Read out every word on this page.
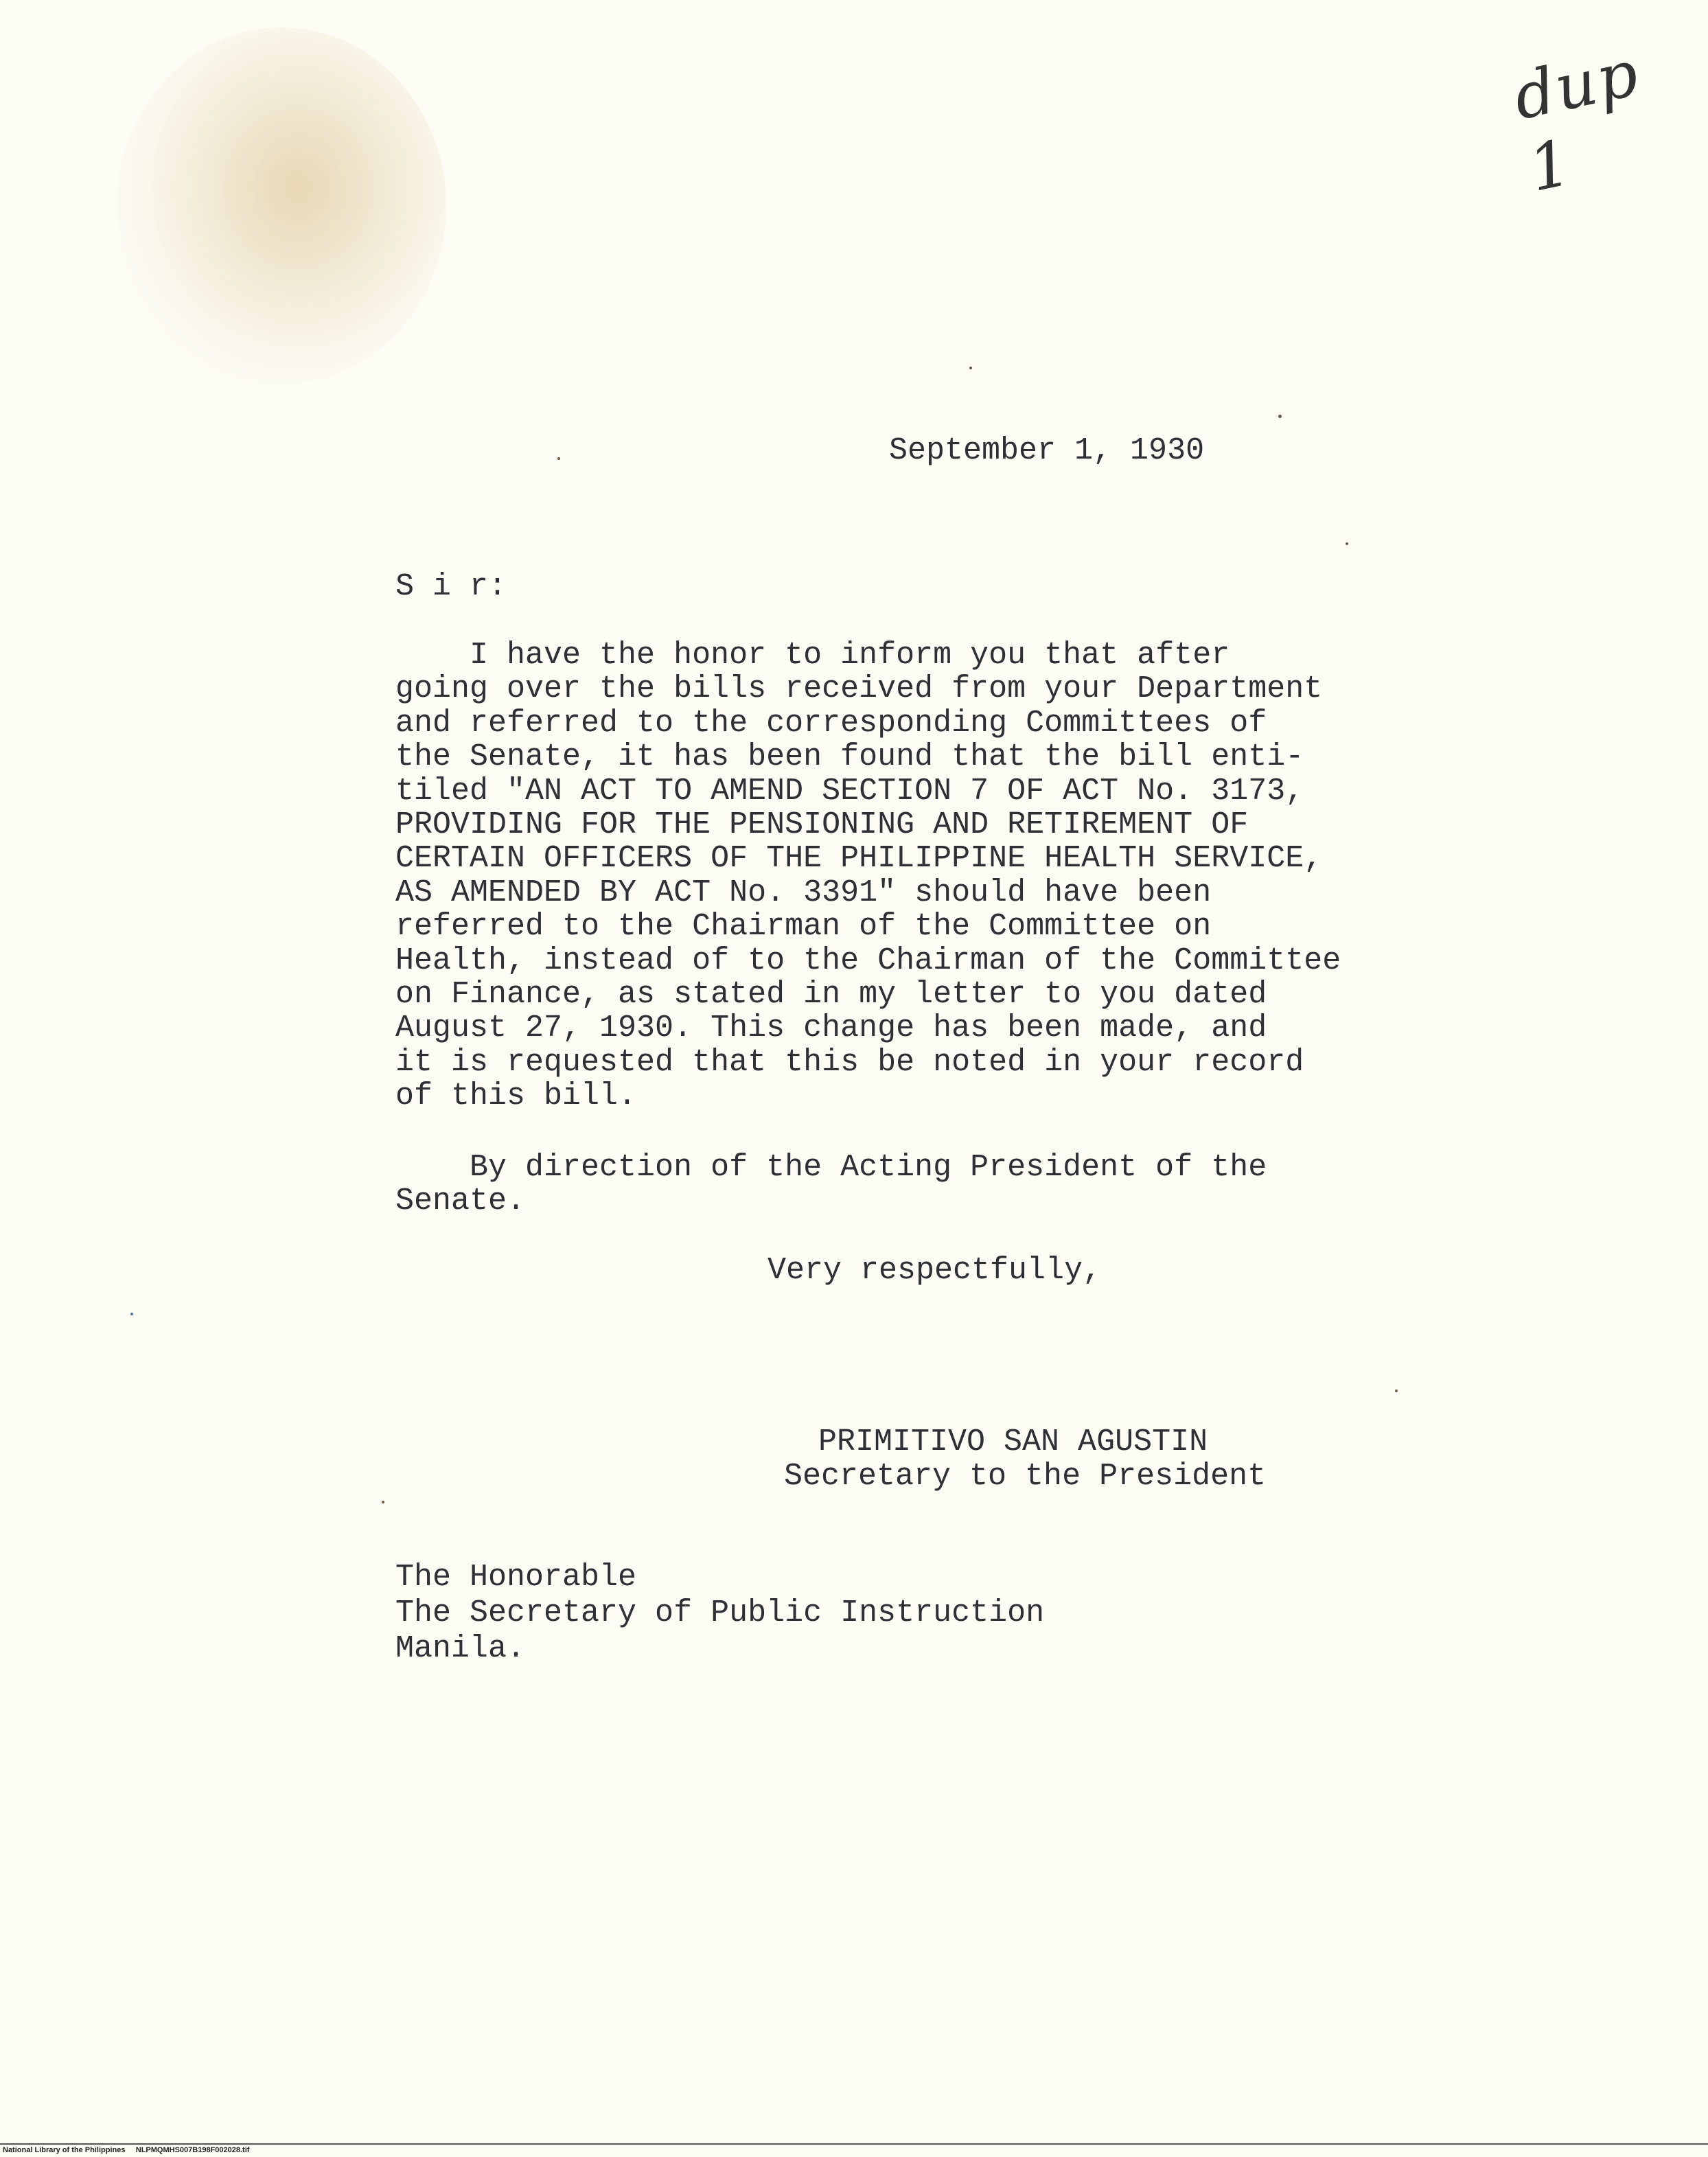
dup 1
September 1, 1930
S i r:
I have the honor to inform you that after
going over the bills received from your Department
and referred to the corresponding Committees of
the Senate, it has been found that the bill enti-
tiled "AN ACT TO AMEND SECTION 7 OF ACT No. 3173,
PROVIDING FOR THE PENSIONING AND RETIREMENT OF
CERTAIN OFFICERS OF THE PHILIPPINE HEALTH SERVICE,
AS AMENDED BY ACT No. 3391" should have been
referred to the Chairman of the Committee on
Health, instead of to the Chairman of the Committee
on Finance, as stated in my letter to you dated
August 27, 1930. This change has been made, and
it is requested that this be noted in your record
of this bill.
By direction of the Acting President of the
Senate.
Very respectfully,
PRIMITIVO SAN AGUSTIN
Secretary to the President
The Honorable
The Secretary of Public Instruction
Manila.
National Library of the Philippines     NLPMQMHS007B198F002028.tif
